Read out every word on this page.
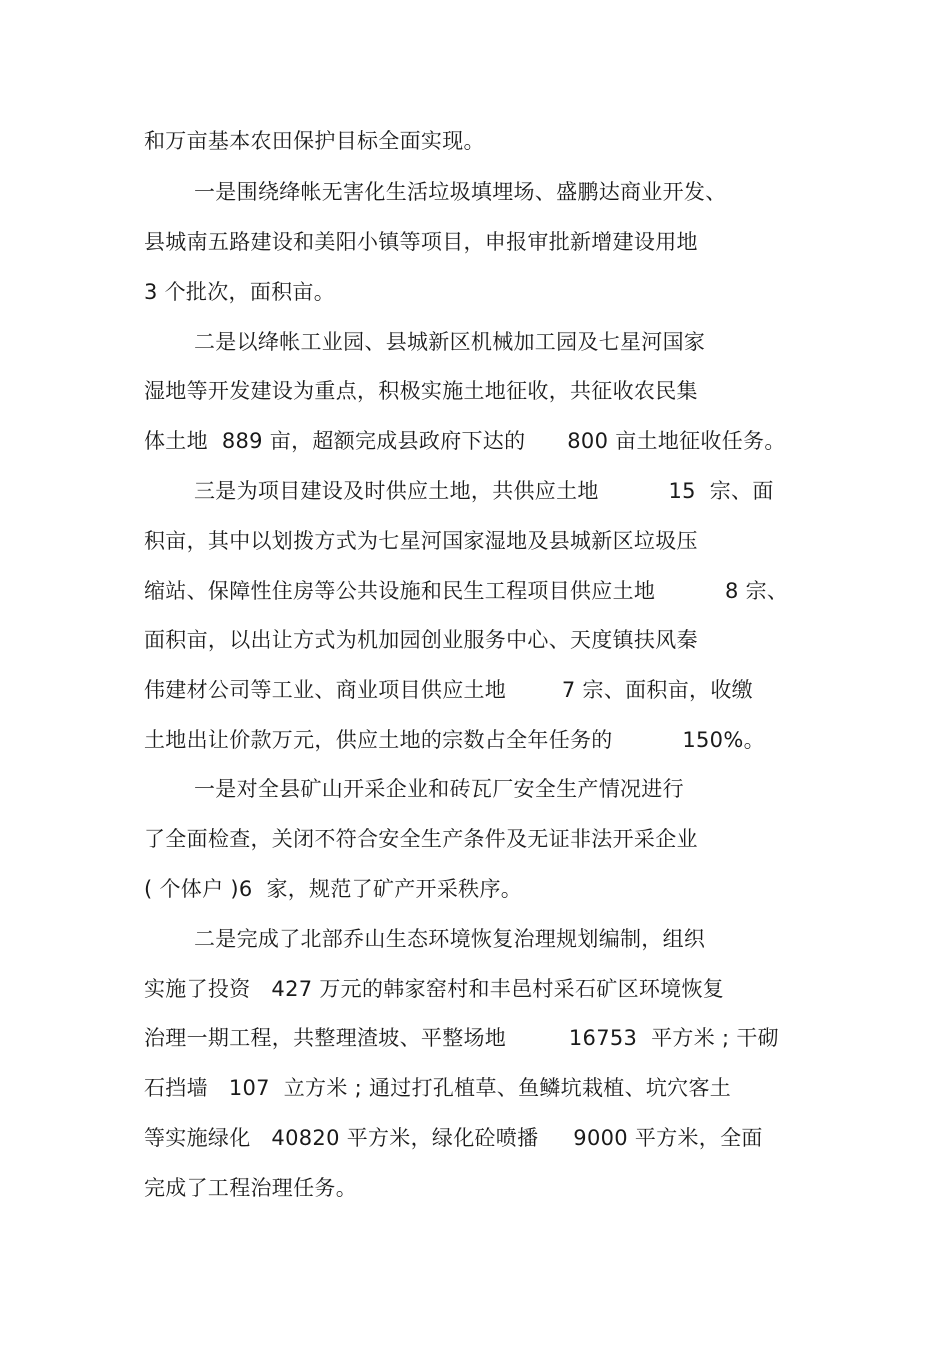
和万亩基本农田保护目标全面实现。
一是围绕绛帐无害化生活垃圾填埋场、盛鹏达商业开发、
县城南五路建设和美阳小镇等项目，申报审批新增建设用地
3 个批次，面积亩。
二是以绛帐工业园、县城新区机械加工园及七星河国家
湿地等开发建设为重点，积极实施土地征收，共征收农民集
体土地  889 亩，超额完成县政府下达的      800 亩土地征收任务。
三是为项目建设及时供应土地，共供应土地          15  宗、面
积亩，其中以划拨方式为七星河国家湿地及县城新区垃圾压
缩站、保障性住房等公共设施和民生工程项目供应土地          8 宗、
面积亩，以出让方式为机加园创业服务中心、天度镇扶风秦
伟建材公司等工业、商业项目供应土地        7 宗、面积亩，收缴
土地出让价款万元，供应土地的宗数占全年任务的          150%。
一是对全县矿山开采企业和砖瓦厂安全生产情况进行
了全面检查，关闭不符合安全生产条件及无证非法开采企业
( 个体户 )6  家，规范了矿产开采秩序。
二是完成了北部乔山生态环境恢复治理规划编制，组织
实施了投资   427 万元的韩家窑村和丰邑村采石矿区环境恢复
治理一期工程，共整理渣坡、平整场地         16753  平方米 ; 干砌
石挡墙   107  立方米 ; 通过打孔植草、鱼鳞坑栽植、坑穴客土
等实施绿化   40820 平方米，绿化砼喷播     9000 平方米，全面
完成了工程治理任务。
